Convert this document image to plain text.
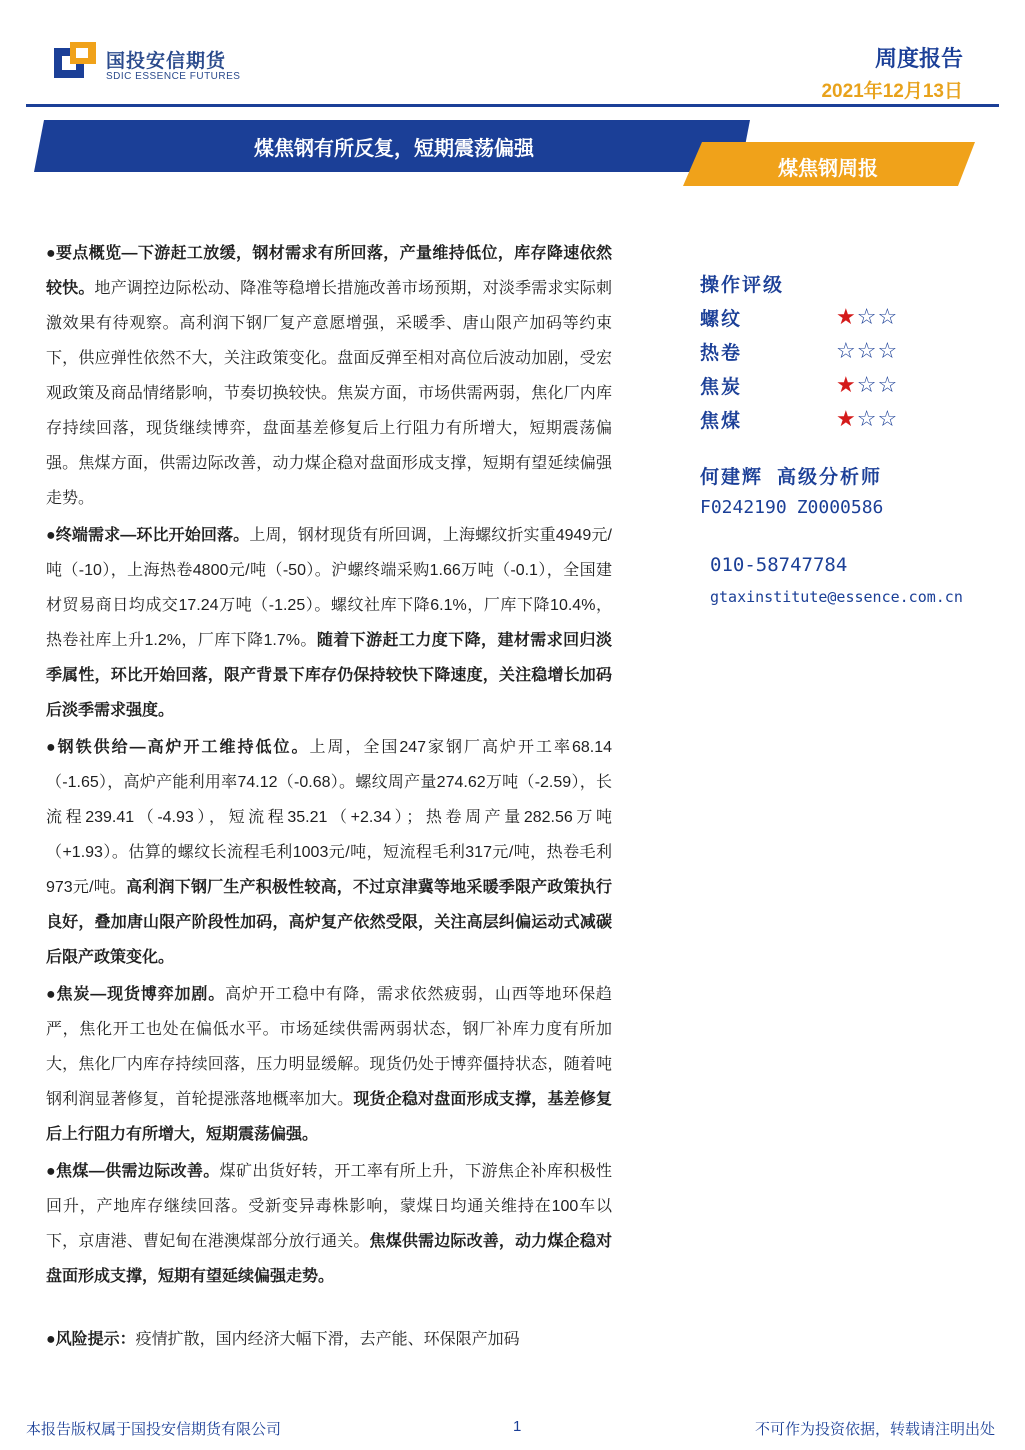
国投安信期货
SDIC ESSENCE FUTURES
周度报告
2021年12月13日
煤焦钢有所反复，短期震荡偏强
煤焦钢周报

●要点概览—下游赶工放缓，钢材需求有所回落，产量维持低位，库存降速依然较快。地产调控边际松动、降准等稳增长措施改善市场预期，对淡季需求实际刺激效果有待观察。高利润下钢厂复产意愿增强，采暖季、唐山限产加码等约束下，供应弹性依然不大，关注政策变化。盘面反弹至相对高位后波动加剧，受宏观政策及商品情绪影响，节奏切换较快。焦炭方面，市场供需两弱，焦化厂内库存持续回落，现货继续博弈，盘面基差修复后上行阻力有所增大，短期震荡偏强。焦煤方面，供需边际改善，动力煤企稳对盘面形成支撑，短期有望延续偏强走势。

●终端需求—环比开始回落。上周，钢材现货有所回调，上海螺纹折实重4949元/吨（-10），上海热卷4800元/吨（-50）。沪螺终端采购1.66万吨（-0.1），全国建材贸易商日均成交17.24万吨（-1.25）。螺纹社库下降6.1%，厂库下降10.4%，热卷社库上升1.2%，厂库下降1.7%。随着下游赶工力度下降，建材需求回归淡季属性，环比开始回落，限产背景下库存仍保持较快下降速度，关注稳增长加码后淡季需求强度。

●钢铁供给—高炉开工维持低位。上周，全国247家钢厂高炉开工率68.14（-1.65），高炉产能利用率74.12（-0.68）。螺纹周产量274.62万吨（-2.59），长流程239.41（-4.93），短流程35.21（+2.34）；热卷周产量282.56万吨（+1.93）。估算的螺纹长流程毛利1003元/吨，短流程毛利317元/吨，热卷毛利973元/吨。高利润下钢厂生产积极性较高，不过京津冀等地采暖季限产政策执行良好，叠加唐山限产阶段性加码，高炉复产依然受限，关注高层纠偏运动式减碳后限产政策变化。

●焦炭—现货博弈加剧。高炉开工稳中有降，需求依然疲弱，山西等地环保趋严，焦化开工也处在偏低水平。市场延续供需两弱状态，钢厂补库力度有所加大，焦化厂内库存持续回落，压力明显缓解。现货仍处于博弈僵持状态，随着吨钢利润显著修复，首轮提涨落地概率加大。现货企稳对盘面形成支撑，基差修复后上行阻力有所增大，短期震荡偏强。

●焦煤—供需边际改善。煤矿出货好转，开工率有所上升，下游焦企补库积极性回升，产地库存继续回落。受新变异毒株影响，蒙煤日均通关维持在100车以下，京唐港、曹妃甸在港澳煤部分放行通关。焦煤供需边际改善，动力煤企稳对盘面形成支撑，短期有望延续偏强走势。

●风险提示：疫情扩散，国内经济大幅下滑，去产能、环保限产加码

操作评级
螺纹	★☆☆
热卷	☆☆☆
焦炭	★☆☆
焦煤	★☆☆
何建辉 高级分析师
F0242190 Z0000586
010-58747784
gtaxinstitute@essence.com.cn
本报告版权属于国投安信期货有限公司	1	不可作为投资依据，转载请注明出处
